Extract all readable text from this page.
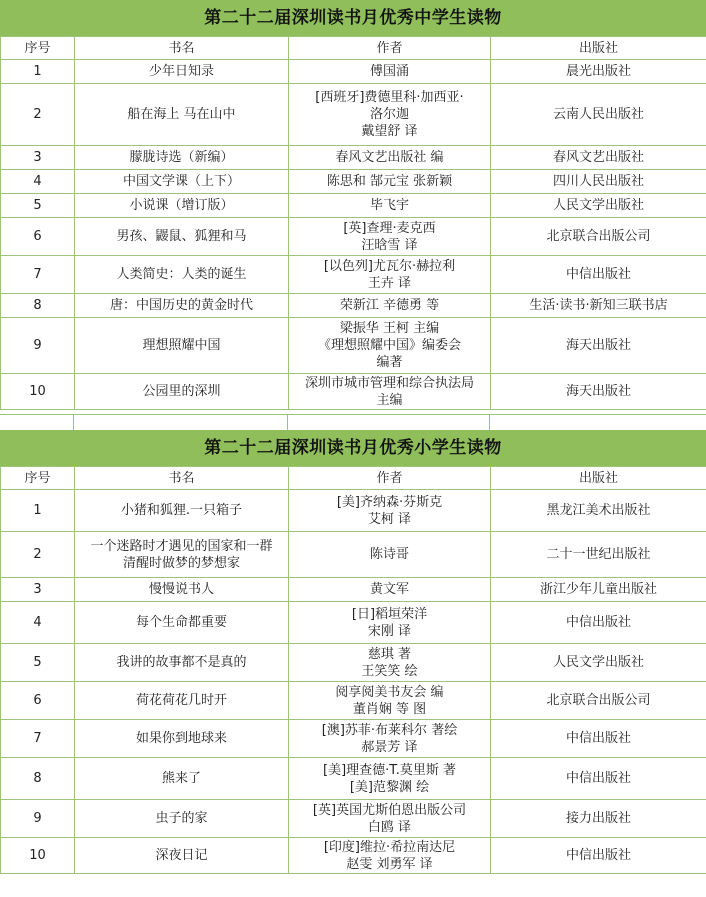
第二十二届深圳读书月优秀中学生读物
序号	书名	作者	出版社
1	少年日知录	傅国涌	晨光出版社
2	船在海上 马在山中	[西班牙]费德里科·加西亚·
洛尔迦
戴望舒 译	云南人民出版社
3	朦胧诗选（新编）	春风文艺出版社 编	春风文艺出版社
4	中国文学课（上下）	陈思和 郜元宝 张新颖	四川人民出版社
5	小说课（增订版）	毕飞宇	人民文学出版社
6	男孩、鼹鼠、狐狸和马	[英]查理·麦克西
汪晗雪 译	北京联合出版公司
7	人类简史：人类的诞生	[以色列]尤瓦尔·赫拉利
王卉 译	中信出版社
8	唐：中国历史的黄金时代	荣新江 辛德勇 等	生活·读书·新知三联书店
9	理想照耀中国	梁振华 王柯 主编
《理想照耀中国》编委会
编著	海天出版社
10	公园里的深圳	深圳市城市管理和综合执法局
主编	海天出版社
第二十二届深圳读书月优秀小学生读物
序号	书名	作者	出版社
1	小猪和狐狸.一只箱子	[美]齐纳森·芬斯克
艾柯 译	黑龙江美术出版社
2	一个迷路时才遇见的国家和一群
清醒时做梦的梦想家	陈诗哥	二十一世纪出版社
3	慢慢说书人	黄文军	浙江少年儿童出版社
4	每个生命都重要	[日]稻垣荣洋
宋刚 译	中信出版社
5	我讲的故事都不是真的	慈琪 著
王笑笑 绘	人民文学出版社
6	荷花荷花几时开	阅享阅美书友会 编
董肖娴 等 图	北京联合出版公司
7	如果你到地球来	[澳]苏菲·布莱科尔 著绘
郝景芳 译	中信出版社
8	熊来了	[美]理查德·T.莫里斯 著
[美]范黎渊 绘	中信出版社
9	虫子的家	[英]英国尤斯伯恩出版公司
白鸥 译	接力出版社
10	深夜日记	[印度]维拉·希拉南达尼
赵雯 刘勇军 译	中信出版社
